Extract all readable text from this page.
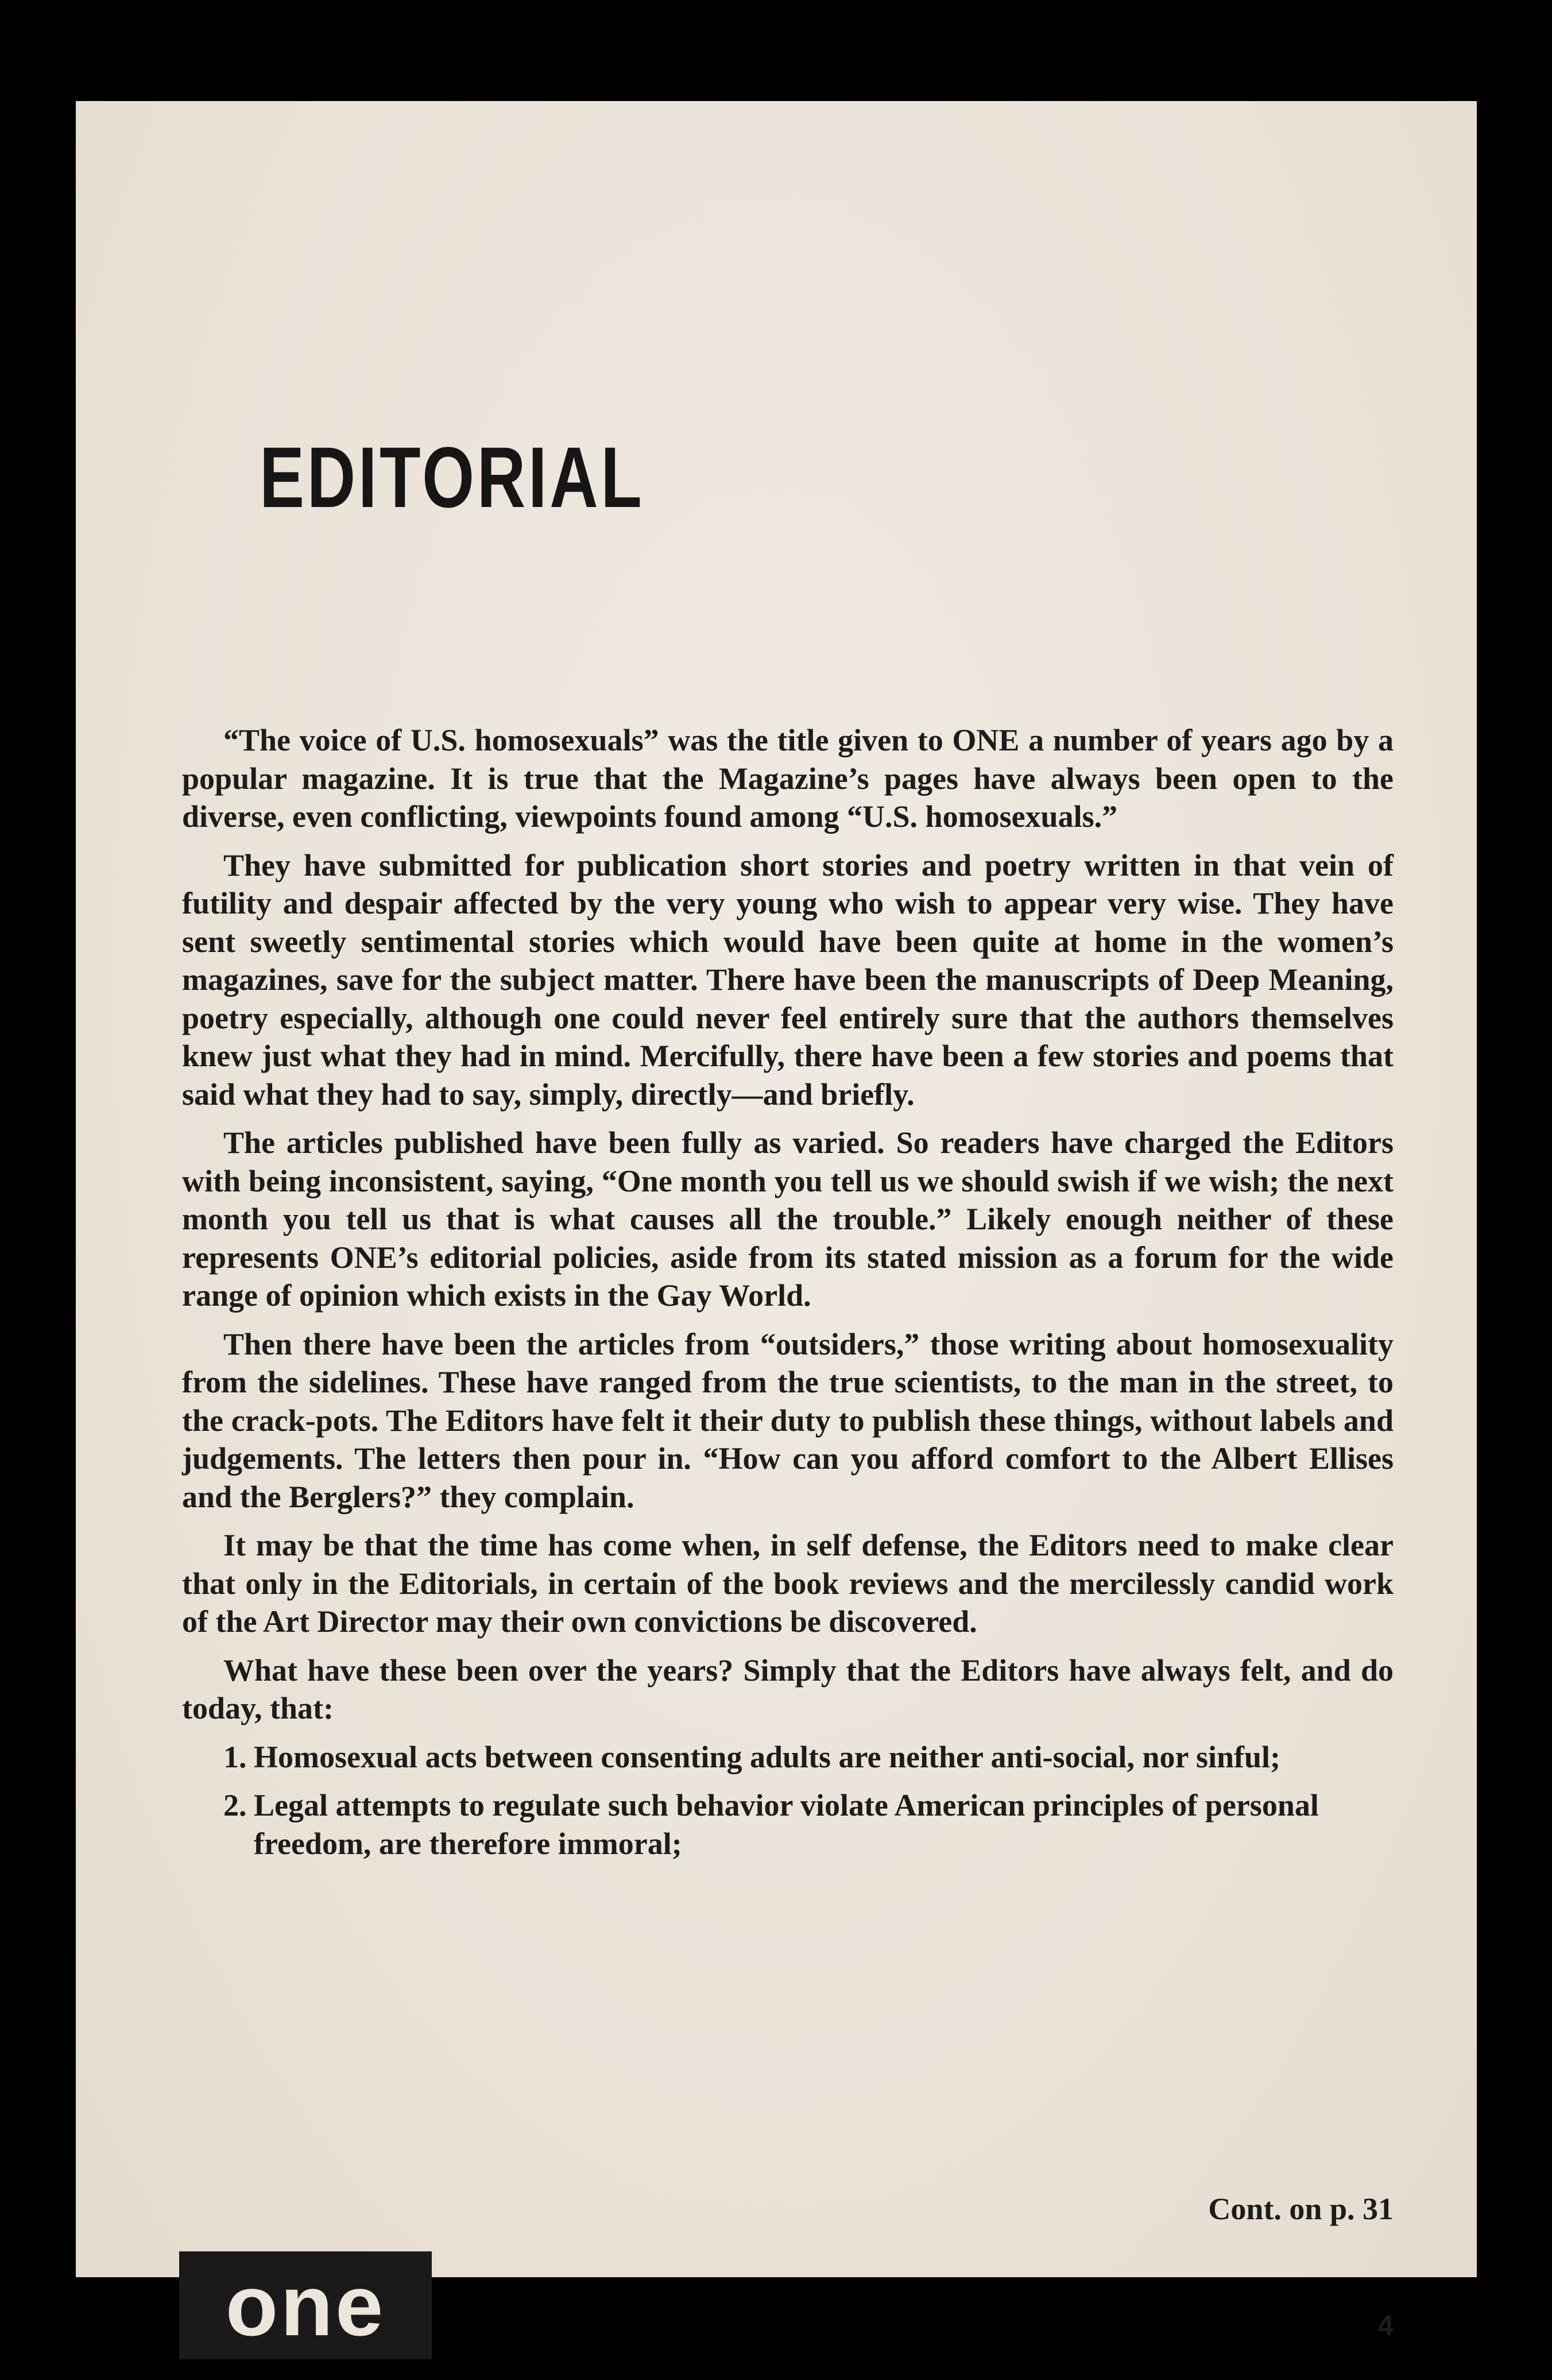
EDITORIAL

“The voice of U.S. homosexuals” was the title given to ONE a number of years ago by a popular magazine. It is true that the Magazine’s pages have always been open to the diverse, even conflicting, viewpoints found among “U.S. homosexuals.”

They have submitted for publication short stories and poetry written in that vein of futility and despair affected by the very young who wish to appear very wise. They have sent sweetly sentimental stories which would have been quite at home in the women’s magazines, save for the subject matter. There have been the manuscripts of Deep Meaning, poetry especially, although one could never feel entirely sure that the authors themselves knew just what they had in mind. Mercifully, there have been a few stories and poems that said what they had to say, simply, directly—and briefly.

The articles published have been fully as varied. So readers have charged the Editors with being inconsistent, saying, “One month you tell us we should swish if we wish; the next month you tell us that is what causes all the trouble.” Likely enough neither of these represents ONE’s editorial policies, aside from its stated mission as a forum for the wide range of opinion which exists in the Gay World.

Then there have been the articles from “outsiders,” those writing about homosexuality from the sidelines. These have ranged from the true scientists, to the man in the street, to the crack-pots. The Editors have felt it their duty to publish these things, without labels and judgements. The letters then pour in. “How can you afford comfort to the Albert Ellises and the Berglers?” they complain.

It may be that the time has come when, in self defense, the Editors need to make clear that only in the Editorials, in certain of the book reviews and the mercilessly candid work of the Art Director may their own convictions be discovered.

What have these been over the years? Simply that the Editors have always felt, and do today, that:

1. Homosexual acts between consenting adults are neither anti-social, nor sinful;
2. Legal attempts to regulate such behavior violate American principles of personal freedom, are therefore immoral;
Cont. on p. 31
one	4
